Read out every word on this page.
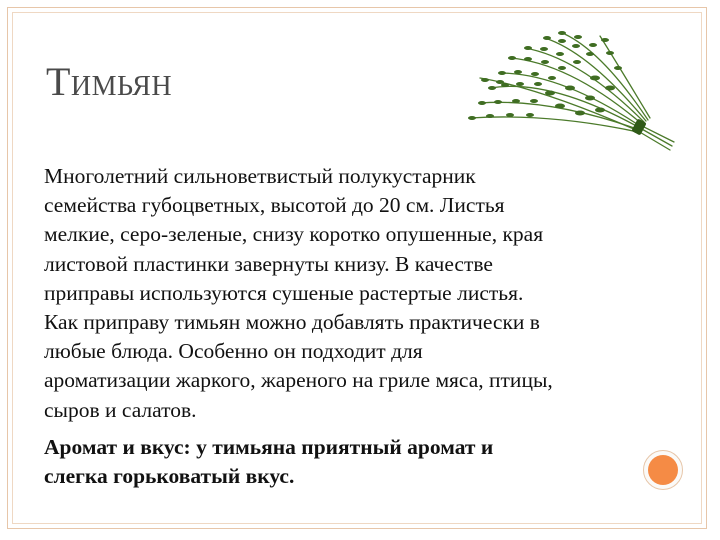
Тимьян

Многолетний сильноветвистый полукустарник

семейства губоцветных, высотой до 20 см. Листья

мелкие, серо-зеленые, снизу коротко опушенные, края

листовой пластинки завернуты книзу. В качестве

приправы используются сушеные растертые листья.

Как приправу тимьян можно добавлять практически в

любые блюда. Особенно он подходит для

ароматизации жаркого, жареного на гриле мяса, птицы,

сыров и салатов.

Аромат и вкус: у тимьяна приятный аромат и

слегка горьковатый вкус.
